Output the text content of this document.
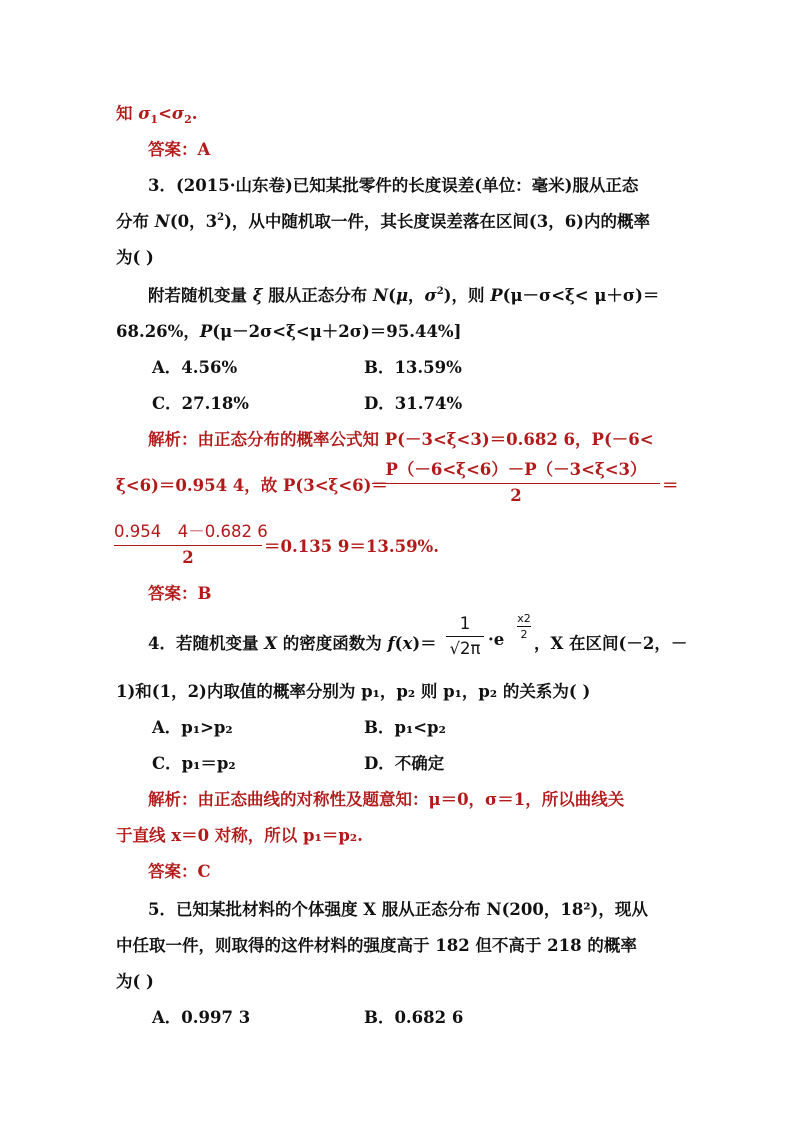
知 $\sigma_1<\sigma_2$.
答案：A
3．(2015·山东卷)已知某批零件的长度误差(单位：毫米)服从正态
分布 N(0，$3^2$)，从中随机取一件，其长度误差落在区间(3，6)内的概率
为( )
附若随机变量 ξ 服从正态分布 N(μ，$\sigma^2$)，则 P(μ－σ<ξ< μ＋σ)＝
68.26%，P(μ－2σ<ξ<μ＋2σ)＝95.44%]
A．4.56%	B．13.59%
C．27.18%	D．31.74%
解析：由正态分布的概率公式知 P(－3<ξ<3)＝0.682 6，P(－6<
ξ<6)＝0.954 4，故 P(3<ξ<6)＝
P（－6<ξ<6）－P（－3<ξ<3）
2
＝
0.954　4－0.682 6
2
＝0.135 9＝13.59%.
答案：B
4．若随机变量 X 的密度函数为 f(x)＝
1
√2π ·e
x2
2 ，X 在区间(－2，－
1)和(1，2)内取值的概率分别为 p₁，p₂ 则 p₁，p₂ 的关系为( )
A．p₁>p₂	B．p₁<p₂
C．p₁＝p₂	D．不确定
解析：由正态曲线的对称性及题意知：μ＝0，σ＝1，所以曲线关
于直线 x＝0 对称，所以 p₁＝p₂.
答案：C
5．已知某批材料的个体强度 X 服从正态分布 N(200，18²)，现从
中任取一件，则取得的这件材料的强度高于 182 但不高于 218 的概率
为( )
A．0.997 3	B．0.682 6
